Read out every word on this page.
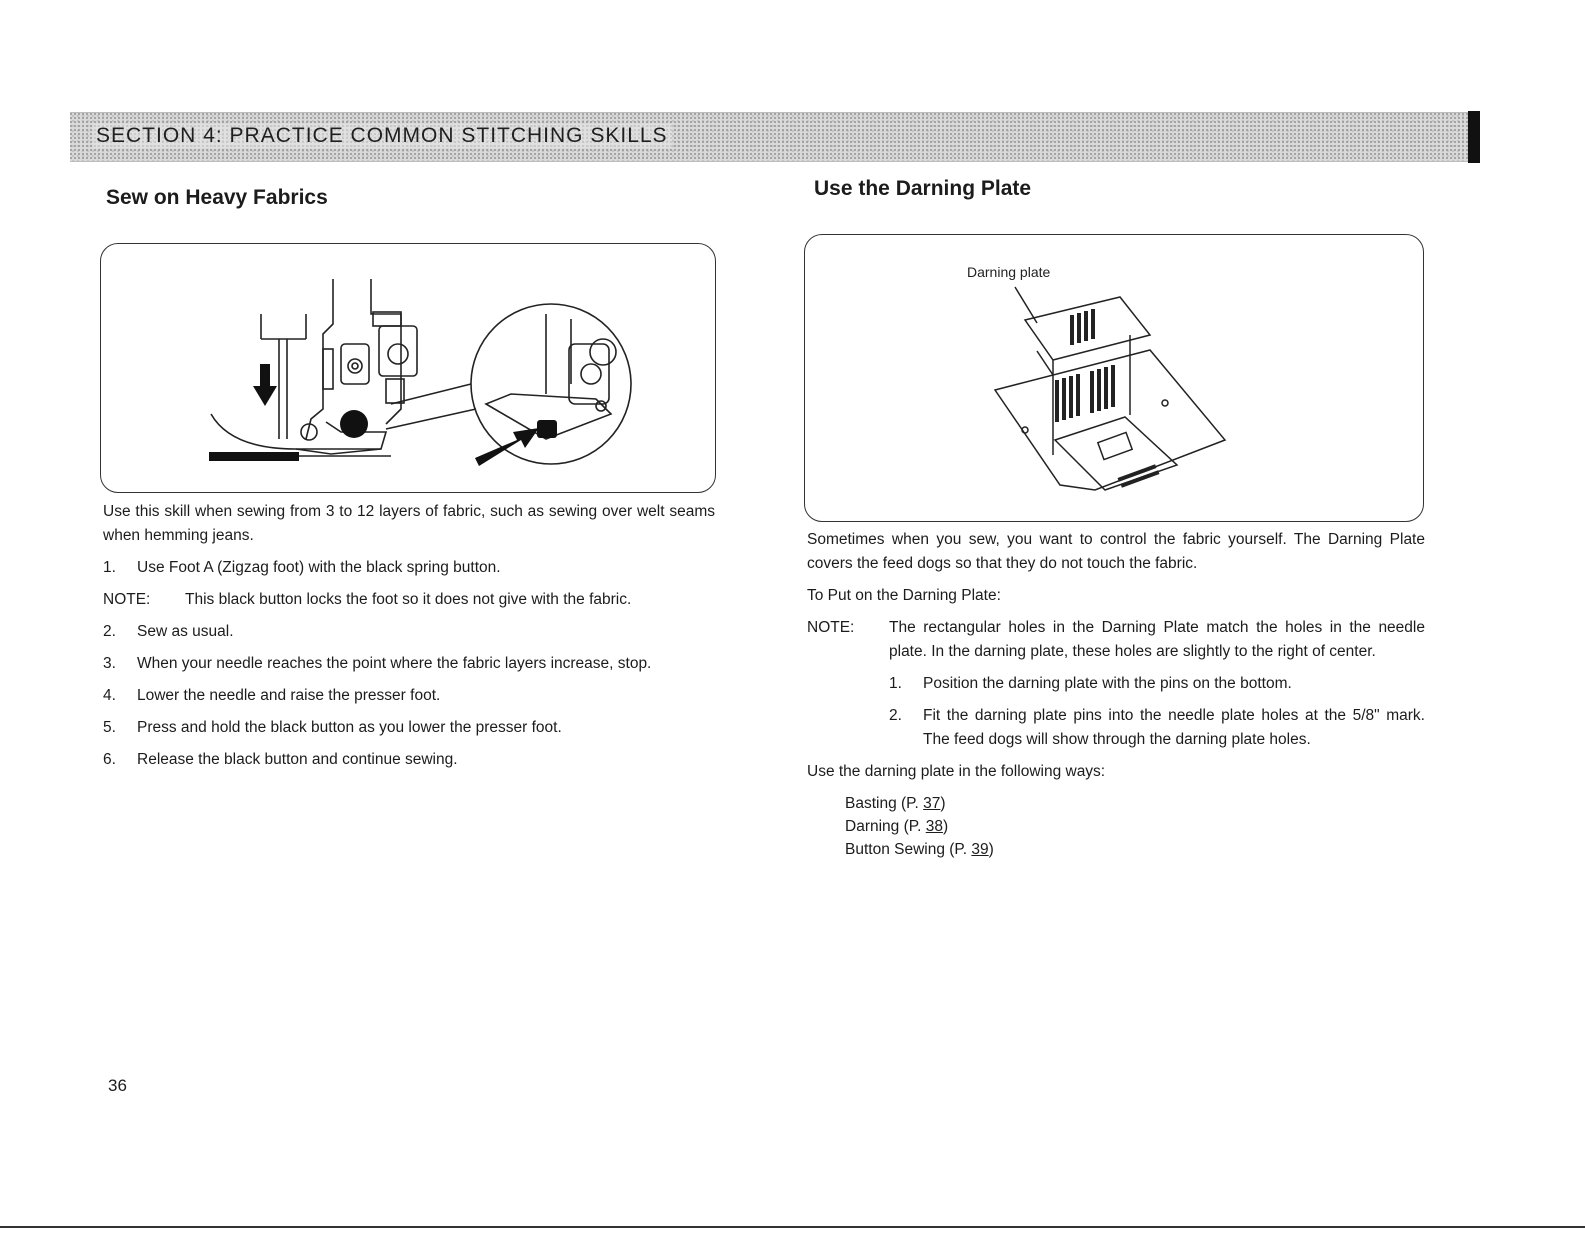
SECTION 4: PRACTICE COMMON STITCHING SKILLS
Sew on Heavy Fabrics

Use this skill when sewing from 3 to 12 layers of fabric, such as sewing over welt seams when hemming jeans.

1.	Use Foot A (Zigzag foot) with the black spring button.
NOTE:	This black button locks the foot so it does not give with the fabric.
2.	Sew as usual.
3.	When your needle reaches the point where the fabric layers increase, stop.
4.	Lower the needle and raise the presser foot.
5.	Press and hold the black button as you lower the presser foot.
6.	Release the black button and continue sewing.
Use the Darning Plate
Darning plate

Sometimes when you sew, you want to control the fabric yourself. The Darning Plate covers the feed dogs so that they do not touch the fabric.

To Put on the Darning Plate:

NOTE:	The rectangular holes in the Darning Plate match the holes in the needle plate. In the darning plate, these holes are slightly to the right of center.
1.	Position the darning plate with the pins on the bottom.
2.	Fit the darning plate pins into the needle plate holes at the 5/8" mark. The feed dogs will show through the darning plate holes.

Use the darning plate in the following ways:

Basting (P. 37)
Darning (P. 38)
Button Sewing (P. 39)
36
